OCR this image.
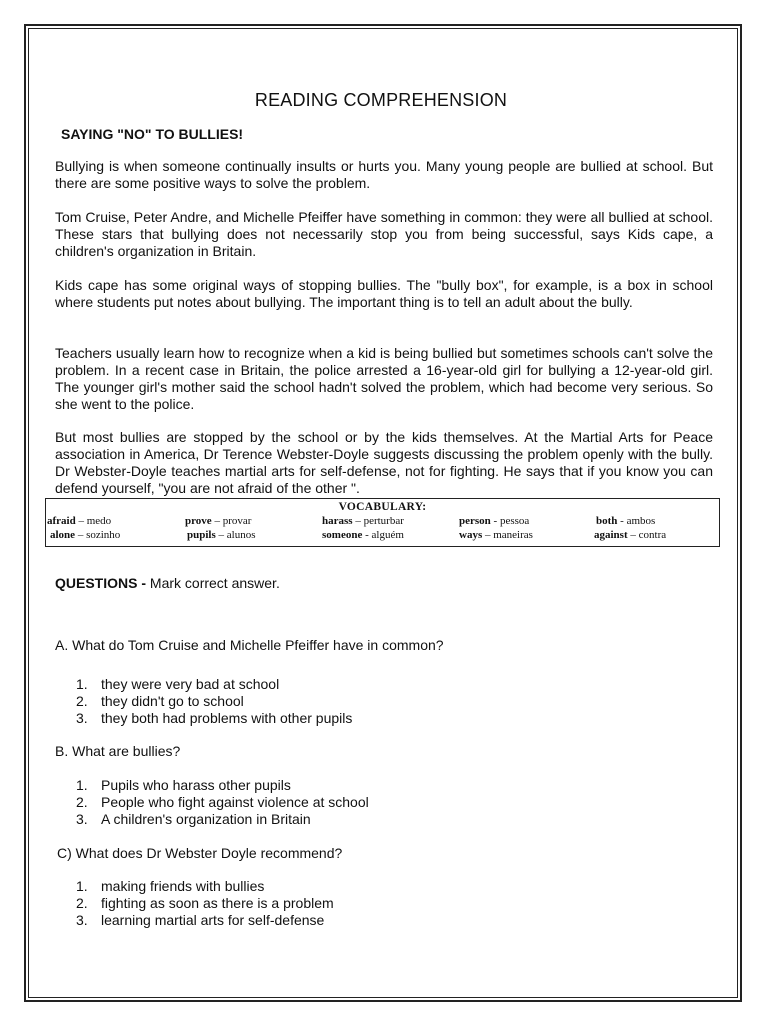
READING COMPREHENSION
SAYING "NO" TO BULLIES!

Bullying is when someone continually insults or hurts you. Many young people are bullied at school. But there are some positive ways to solve the problem.

Tom Cruise, Peter Andre, and Michelle Pfeiffer have something in common: they were all bullied at school. These stars that bullying does not necessarily stop you from being successful, says Kids cape, a children's organization in Britain.

Kids cape has some original ways of stopping bullies. The "bully box", for example, is a box in school where students put notes about bullying. The important thing is to tell an adult about the bully.

Teachers usually learn how to recognize when a kid is being bullied but sometimes schools can't solve the problem. In a recent case in Britain, the police arrested a 16-year-old girl for bullying a 12-year-old girl. The younger girl's mother said the school hadn't solved the problem, which had become very serious. So she went to the police.

But most bullies are stopped by the school or by the kids themselves. At the Martial Arts for Peace association in America, Dr Terence Webster-Doyle suggests discussing the problem openly with the bully. Dr Webster-Doyle teaches martial arts for self-defense, not for fighting. He says that if you know you can defend yourself, "you are not afraid of the other ".

VOCABULARY:
afraid – medo	prove – provar	harass – perturbar	person - pessoa	both - ambos
alone – sozinho	pupils – alunos	someone - alguém	ways – maneiras	against – contra
QUESTIONS - Mark correct answer.
A. What do Tom Cruise and Michelle Pfeiffer have in common?
1. they were very bad at school
2. they didn't go to school
3. they both had problems with other pupils
B. What are bullies?
1. Pupils who harass other pupils
2. People who fight against violence at school
3. A children's organization in Britain
C) What does Dr Webster Doyle recommend?
1. making friends with bullies
2. fighting as soon as there is a problem
3. learning martial arts for self-defense
